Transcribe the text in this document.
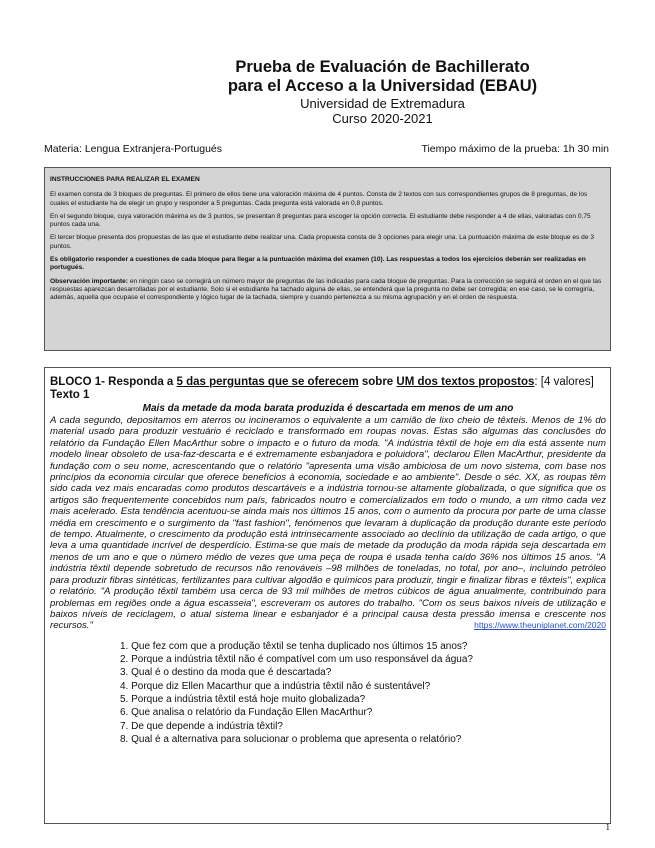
Prueba de Evaluación de Bachillerato
para el Acceso a la Universidad (EBAU)
Universidad de Extremadura
Curso 2020-2021
Materia: Lengua Extranjera-Portugués	Tiempo máximo de la prueba: 1h 30 min

INSTRUCCIONES PARA REALIZAR EL EXAMEN

El examen consta de 3 bloques de preguntas. El primero de ellos tiene una valoración máxima de 4 puntos. Consta de 2 textos con sus correspondientes grupos de 8 preguntas, de los cuales el estudiante ha de elegir un grupo y responder a 5 preguntas. Cada pregunta está valorada en 0,8 puntos.

En el segundo bloque, cuya valoración máxima es de 3 puntos, se presentan 8 preguntas para escoger la opción correcta. El estudiante debe responder a 4 de ellas, valoradas con 0,75 puntos cada una.

El tercer bloque presenta dos propuestas de las que el estudiante debe realizar una. Cada propuesta consta de 3 opciones para elegir una. La puntuación máxima de este bloque es de 3 puntos.

Es obligatorio responder a cuestiones de cada bloque para llegar a la puntuación máxima del examen (10). Las respuestas a todos los ejercicios deberán ser realizadas en portugués.

Observación importante: en ningún caso se corregirá un número mayor de preguntas de las indicadas para cada bloque de preguntas. Para la corrección se seguirá el orden en el que las respuestas aparezcan desarrolladas por el estudiante. Solo si el estudiante ha tachado alguna de ellas, se entenderá que la pregunta no debe ser corregida; en ese caso, se le corregiría, además, aquella que ocupase el correspondiente y lógico lugar de la tachada, siempre y cuando pertenezca a su misma agrupación y en el orden de respuesta.

BLOCO 1- Responda a 5 das perguntas que se oferecem sobre UM dos textos propostos: [4 valores]
Texto 1
Mais da metade da moda barata produzida é descartada em menos de um ano
A cada segundo, depositamos em aterros ou incineramos o equivalente a um camião de lixo cheio de têxteis. Menos de 1% do material usado para produzir vestuário é reciclado e transformado em roupas novas. Estas são algumas das conclusões do relatório da Fundação Ellen MacArthur sobre o impacto e o futuro da moda. "A indústria têxtil de hoje em dia está assente num modelo linear obsoleto de usa-faz-descarta e é extremamente esbanjadora e poluidora", declarou Ellen MacArthur, presidente da fundação com o seu nome, acrescentando que o relatório "apresenta uma visão ambiciosa de um novo sistema, com base nos princípios da economia circular que oferece benefícios à economia, sociedade e ao ambiente". Desde o séc. XX, as roupas têm sido cada vez mais encaradas como produtos descartáveis e a indústria tornou-se altamente globalizada, o que significa que os artigos são frequentemente concebidos num país, fabricados noutro e comercializados em todo o mundo, a um ritmo cada vez mais acelerado. Esta tendência acentuou-se ainda mais nos últimos 15 anos, com o aumento da procura por parte de uma classe média em crescimento e o surgimento da "fast fashion", fenómenos que levaram à duplicação da produção durante este período de tempo. Atualmente, o crescimento da produção está intrinsecamente associado ao declínio da utilização de cada artigo, o que leva a uma quantidade incrível de desperdício. Estima-se que mais de metade da produção da moda rápida seja descartada em menos de um ano e que o número médio de vezes que uma peça de roupa é usada tenha caído 36% nos últimos 15 anos. "A indústria têxtil depende sobretudo de recursos não renováveis –98 milhões de toneladas, no total, por ano–, incluindo petróleo para produzir fibras sintéticas, fertilizantes para cultivar algodão e químicos para produzir, tingir e finalizar fibras e têxteis", explica o relatório. "A produção têxtil também usa cerca de 93 mil milhões de metros cúbicos de água anualmente, contribuindo para problemas em regiões onde a água escasseia", escreveram os autores do trabalho. "Com os seus baixos níveis de utilização e baixos níveis de reciclagem, o atual sistema linear e esbanjador é a principal causa desta pressão imensa e crescente nos recursos."	https://www.theuniplanet.com/2020
1. Que fez com que a produção têxtil se tenha duplicado nos últimos 15 anos?
2. Porque a indústria têxtil não é compatível com um uso responsável da água?
3. Qual é o destino da moda que é descartada?
4. Porque diz Ellen Macarthur que a indústria têxtil não é sustentável?
5. Porque a indústria têxtil está hoje muito globalizada?
6. Que analisa o relatório da Fundação Ellen MacArthur?
7. De que depende a indústria têxtil?
8. Qual é a alternativa para solucionar o problema que apresenta o relatório?
1
